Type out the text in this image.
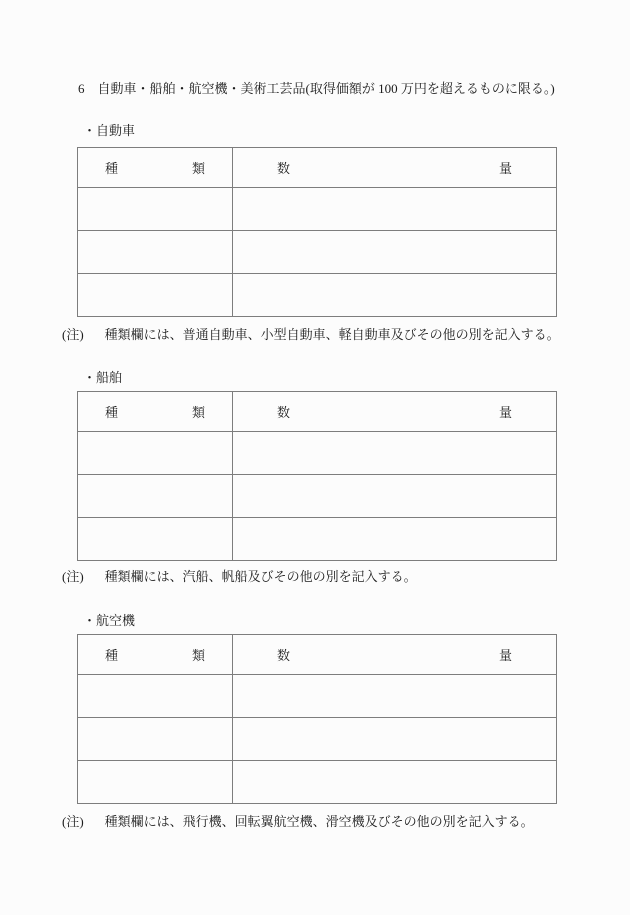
6　自動車・船舶・航空機・美術工芸品(取得価額が 100 万円を超えるものに限る。)
・自動車
種 類	数 量

(注) 種類欄には、普通自動車、小型自動車、軽自動車及びその他の別を記入する。
・船舶
種 類	数 量

(注) 種類欄には、汽船、帆船及びその他の別を記入する。
・航空機
種 類	数 量

(注) 種類欄には、飛行機、回転翼航空機、滑空機及びその他の別を記入する。
